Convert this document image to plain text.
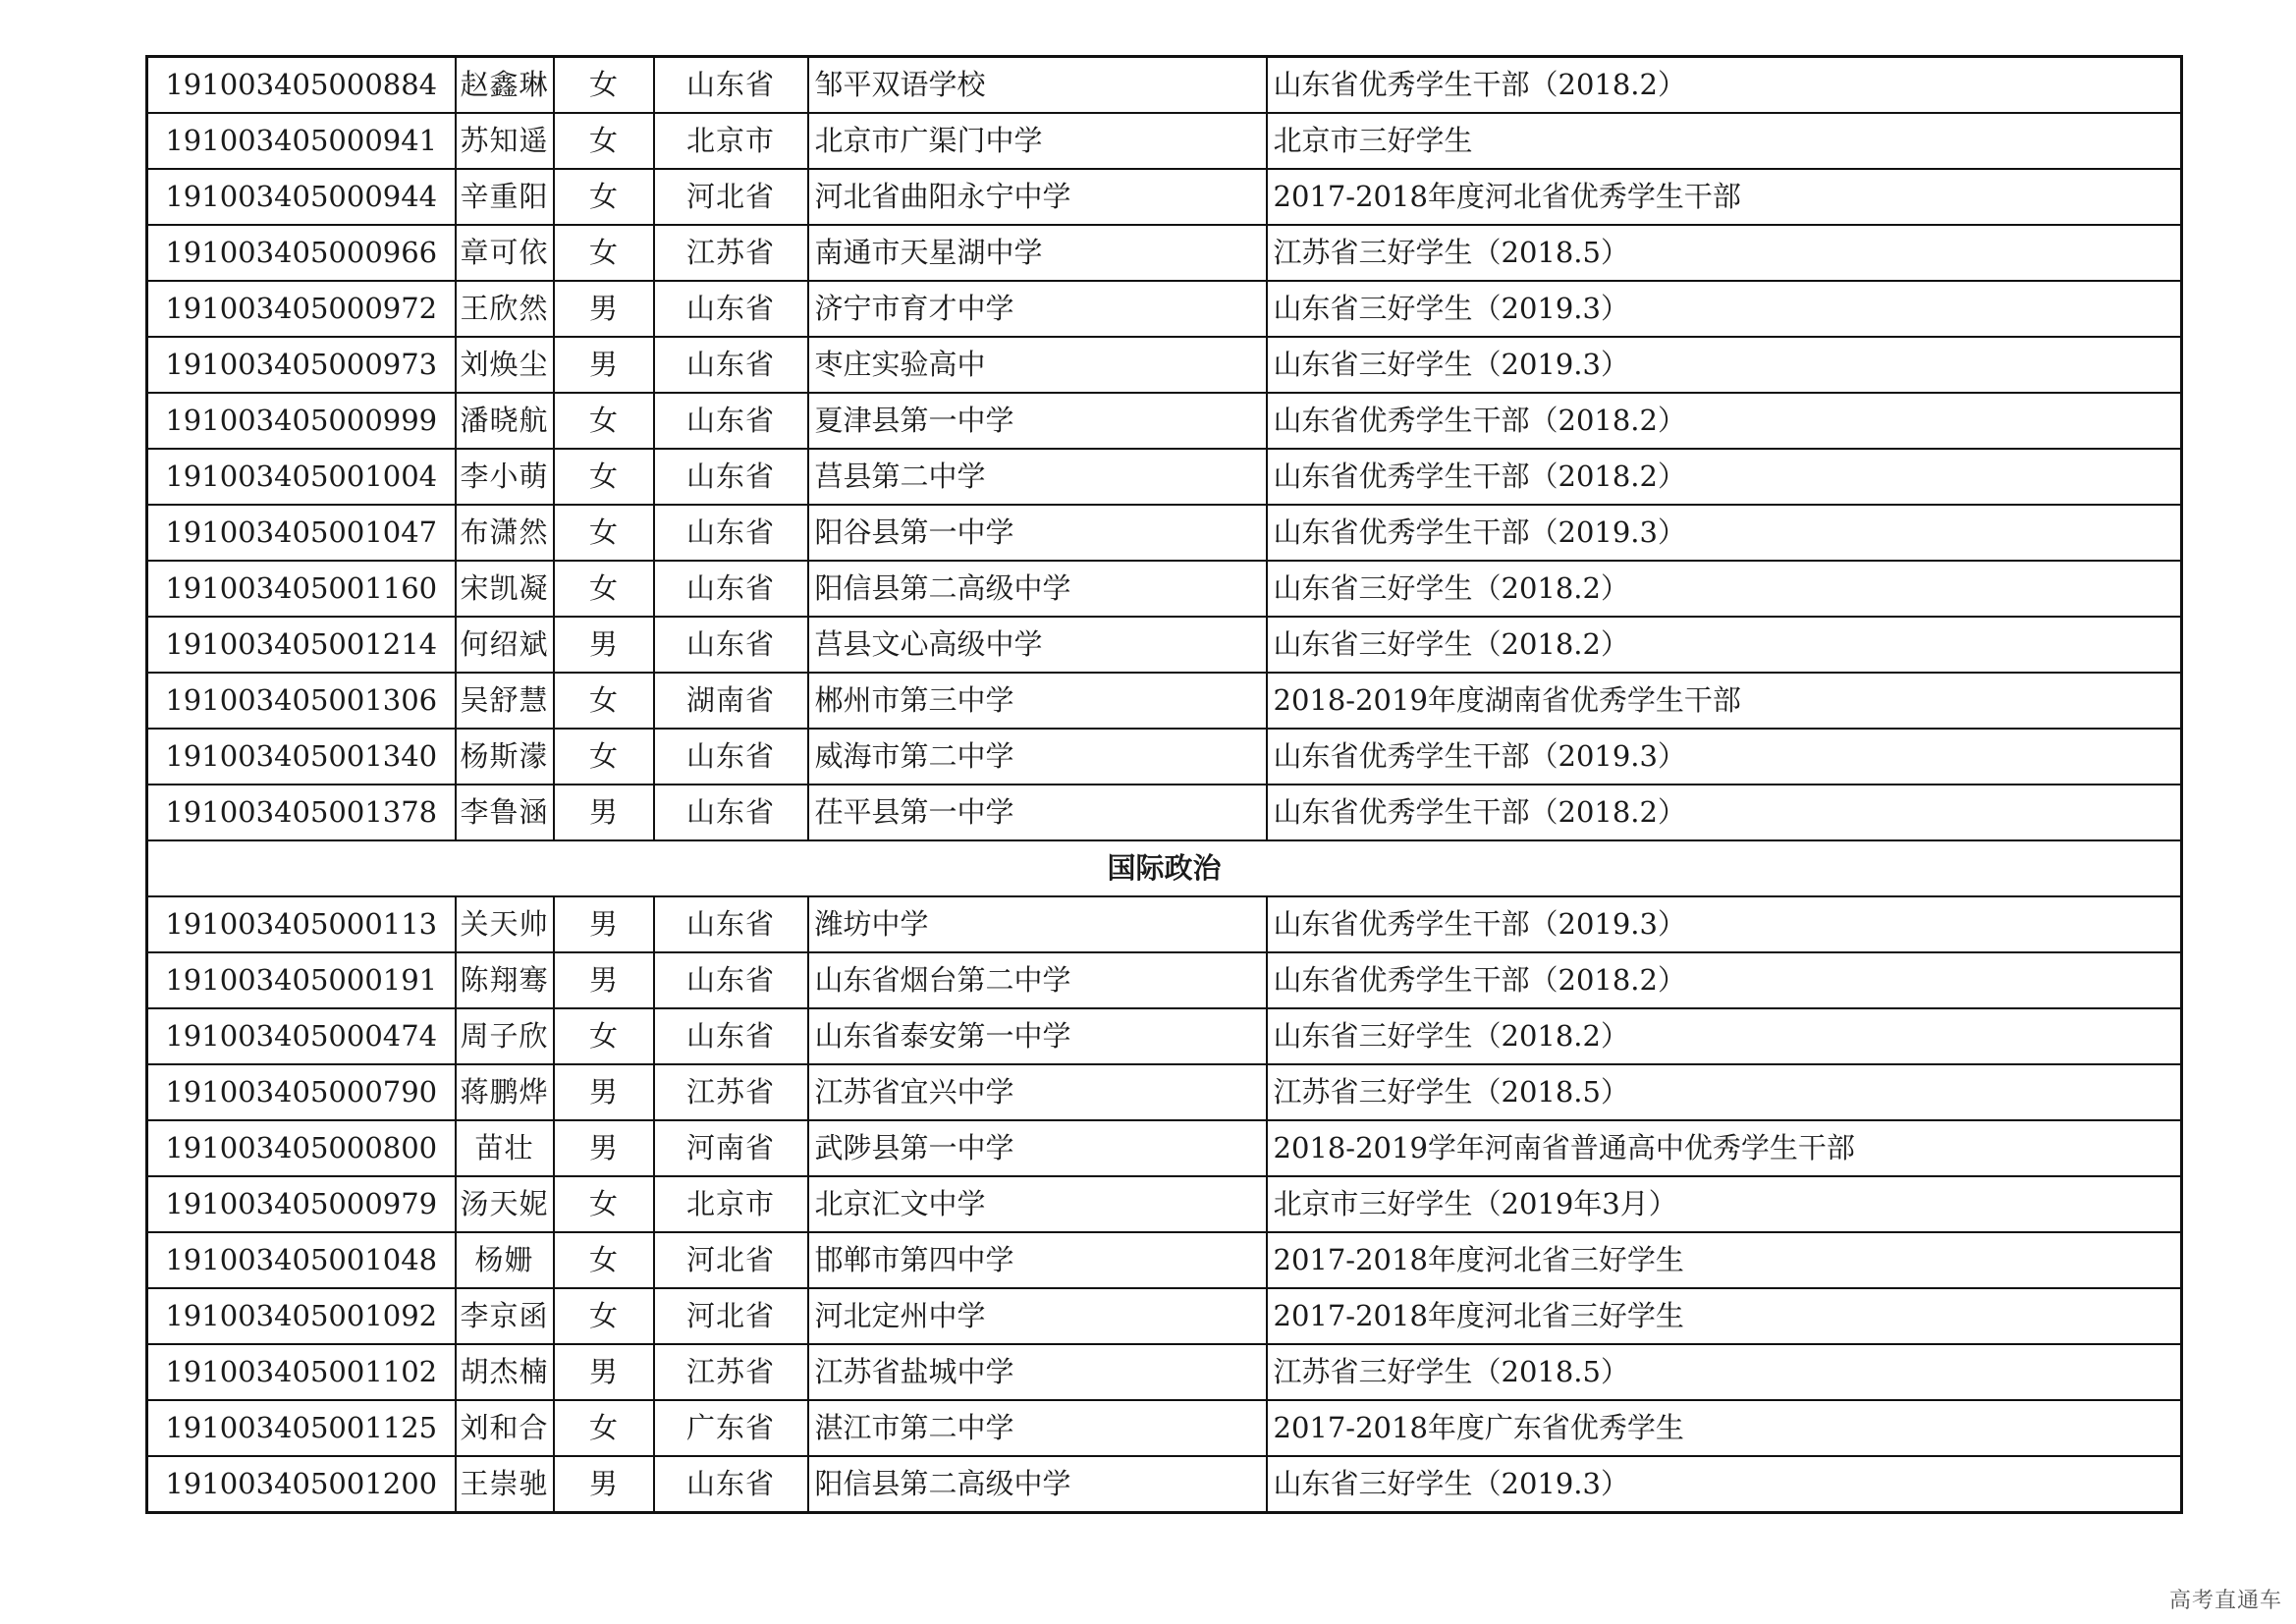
191003405000884	赵鑫琳	女	山东省	邹平双语学校	山东省优秀学生干部（2018.2）
191003405000941	苏知遥	女	北京市	北京市广渠门中学	北京市三好学生
191003405000944	辛重阳	女	河北省	河北省曲阳永宁中学	2017-2018年度河北省优秀学生干部
191003405000966	章可依	女	江苏省	南通市天星湖中学	江苏省三好学生（2018.5）
191003405000972	王欣然	男	山东省	济宁市育才中学	山东省三好学生（2019.3）
191003405000973	刘焕尘	男	山东省	枣庄实验高中	山东省三好学生（2019.3）
191003405000999	潘晓航	女	山东省	夏津县第一中学	山东省优秀学生干部（2018.2）
191003405001004	李小萌	女	山东省	莒县第二中学	山东省优秀学生干部（2018.2）
191003405001047	布潇然	女	山东省	阳谷县第一中学	山东省优秀学生干部（2019.3）
191003405001160	宋凯凝	女	山东省	阳信县第二高级中学	山东省三好学生（2018.2）
191003405001214	何绍斌	男	山东省	莒县文心高级中学	山东省三好学生（2018.2）
191003405001306	吴舒慧	女	湖南省	郴州市第三中学	2018-2019年度湖南省优秀学生干部
191003405001340	杨斯濛	女	山东省	威海市第二中学	山东省优秀学生干部（2019.3）
191003405001378	李鲁涵	男	山东省	茌平县第一中学	山东省优秀学生干部（2018.2）
国际政治					
191003405000113	关天帅	男	山东省	潍坊中学	山东省优秀学生干部（2019.3）
191003405000191	陈翔骞	男	山东省	山东省烟台第二中学	山东省优秀学生干部（2018.2）
191003405000474	周子欣	女	山东省	山东省泰安第一中学	山东省三好学生（2018.2）
191003405000790	蒋鹏烨	男	江苏省	江苏省宜兴中学	江苏省三好学生（2018.5）
191003405000800	苗壮	男	河南省	武陟县第一中学	2018-2019学年河南省普通高中优秀学生干部
191003405000979	汤天妮	女	北京市	北京汇文中学	北京市三好学生（2019年3月）
191003405001048	杨姗	女	河北省	邯郸市第四中学	2017-2018年度河北省三好学生
191003405001092	李京函	女	河北省	河北定州中学	2017-2018年度河北省三好学生
191003405001102	胡杰楠	男	江苏省	江苏省盐城中学	江苏省三好学生（2018.5）
191003405001125	刘和合	女	广东省	湛江市第二中学	2017-2018年度广东省优秀学生
191003405001200	王崇驰	男	山东省	阳信县第二高级中学	山东省三好学生（2019.3）
高考直通车
